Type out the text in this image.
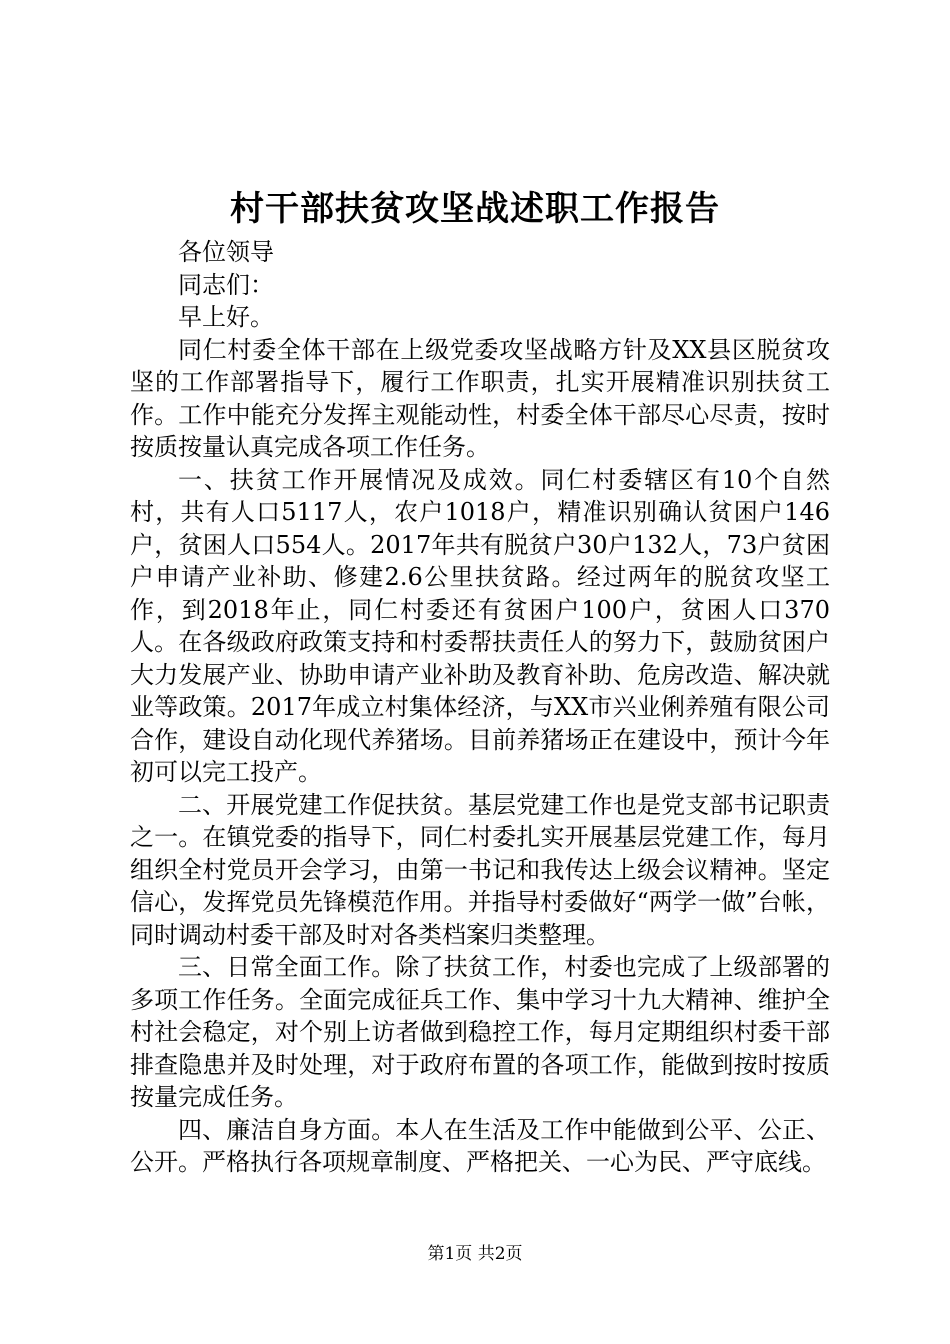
村干部扶贫攻坚战述职工作报告

各位领导

同志们：

早上好。

同仁村委全体干部在上级党委攻坚战略方针及XX县区脱贫攻坚的工作部署指导下，履行工作职责，扎实开展精准识别扶贫工作。工作中能充分发挥主观能动性，村委全体干部尽心尽责，按时按质按量认真完成各项工作任务。

一、扶贫工作开展情况及成效。同仁村委辖区有10个自然村，共有人口5117人，农户1018户，精准识别确认贫困户146户，贫困人口554人。2017年共有脱贫户30户132人，73户贫困户申请产业补助、修建2.6公里扶贫路。经过两年的脱贫攻坚工作，到2018年止，同仁村委还有贫困户100户，贫困人口370人。在各级政府政策支持和村委帮扶责任人的努力下，鼓励贫困户大力发展产业、协助申请产业补助及教育补助、危房改造、解决就业等政策。2017年成立村集体经济，与XX市兴业俐养殖有限公司合作，建设自动化现代养猪场。目前养猪场正在建设中，预计今年初可以完工投产。

二、开展党建工作促扶贫。基层党建工作也是党支部书记职责之一。在镇党委的指导下，同仁村委扎实开展基层党建工作，每月组织全村党员开会学习，由第一书记和我传达上级会议精神。坚定信心，发挥党员先锋模范作用。并指导村委做好“两学一做”台帐，同时调动村委干部及时对各类档案归类整理。

三、日常全面工作。除了扶贫工作，村委也完成了上级部署的多项工作任务。全面完成征兵工作、集中学习十九大精神、维护全村社会稳定，对个别上访者做到稳控工作，每月定期组织村委干部排查隐患并及时处理，对于政府布置的各项工作，能做到按时按质按量完成任务。

四、廉洁自身方面。本人在生活及工作中能做到公平、公正、公开。严格执行各项规章制度、严格把关、一心为民、严守底线。

第1页 共2页
